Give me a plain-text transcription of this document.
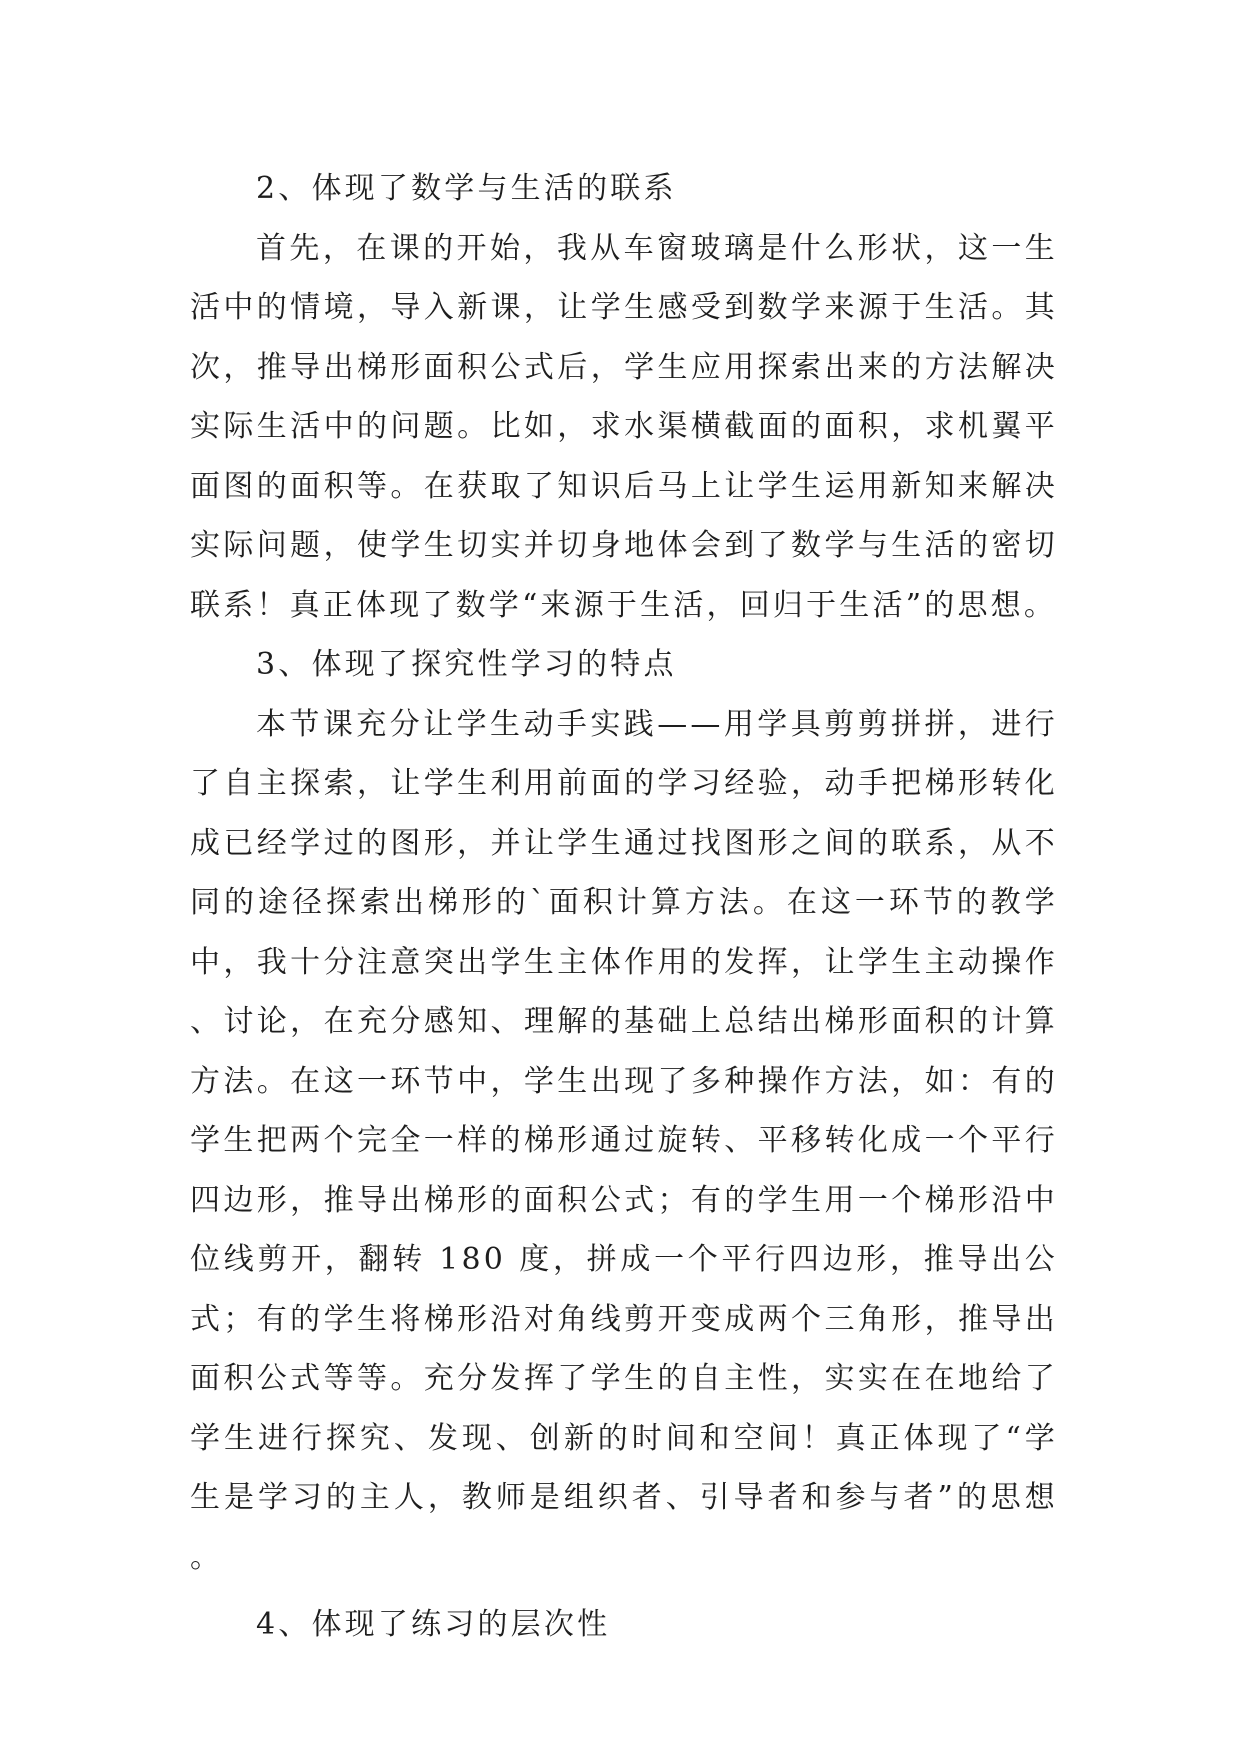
2、体现了数学与生活的联系

首先，在课的开始，我从车窗玻璃是什么形状，这一生活中的情境，导入新课，让学生感受到数学来源于生活。其次，推导出梯形面积公式后，学生应用探索出来的方法解决实际生活中的问题。比如，求水渠横截面的面积，求机翼平面图的面积等。在获取了知识后马上让学生运用新知来解决实际问题，使学生切实并切身地体会到了数学与生活的密切联系！真正体现了数学“来源于生活，回归于生活”的思想。

3、体现了探究性学习的特点

本节课充分让学生动手实践——用学具剪剪拼拼，进行了自主探索，让学生利用前面的学习经验，动手把梯形转化成已经学过的图形，并让学生通过找图形之间的联系，从不同的途径探索出梯形的`面积计算方法。在这一环节的教学中，我十分注意突出学生主体作用的发挥，让学生主动操作、讨论，在充分感知、理解的基础上总结出梯形面积的计算方法。在这一环节中，学生出现了多种操作方法，如：有的学生把两个完全一样的梯形通过旋转、平移转化成一个平行四边形，推导出梯形的面积公式；有的学生用一个梯形沿中位线剪开，翻转 180 度，拼成一个平行四边形，推导出公式；有的学生将梯形沿对角线剪开变成两个三角形，推导出面积公式等等。充分发挥了学生的自主性，实实在在地给了学生进行探究、发现、创新的时间和空间！真正体现了“学生是学习的主人，教师是组织者、引导者和参与者”的思想。

4、体现了练习的层次性
